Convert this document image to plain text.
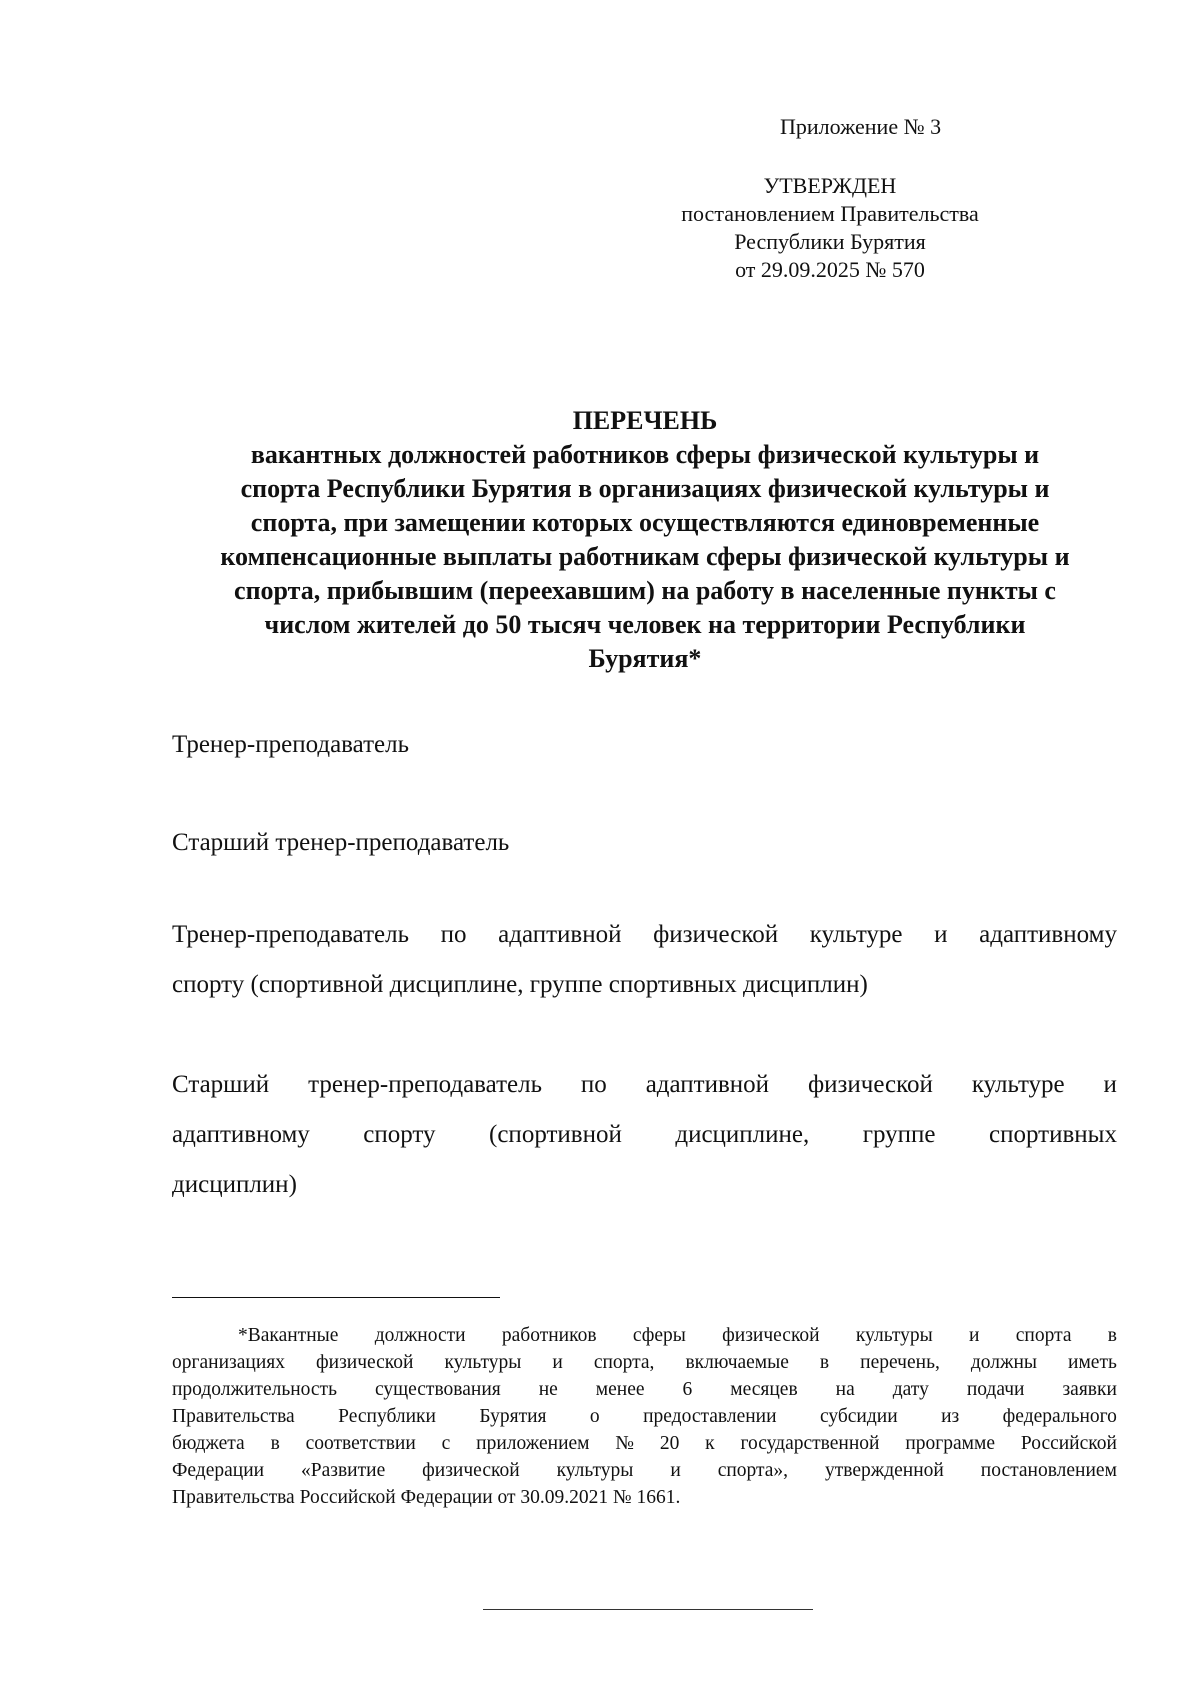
Приложение № 3
УТВЕРЖДЕН
постановлением Правительства
Республики Бурятия
от 29.09.2025 № 570
ПЕРЕЧЕНЬ
вакантных должностей работников сферы физической культуры и
спорта Республики Бурятия в организациях физической культуры и
спорта, при замещении которых осуществляются единовременные
компенсационные выплаты работникам сферы физической культуры и
спорта, прибывшим (переехавшим) на работу в населенные пункты с
числом жителей до 50 тысяч человек на территории Республики
Бурятия*
Тренер-преподаватель
Старший тренер-преподаватель
Тренер-преподаватель по адаптивной физической культуре и адаптивному
спорту (спортивной дисциплине, группе спортивных дисциплин)
Старший тренер-преподаватель по адаптивной физической культуре и
адаптивному спорту (спортивной дисциплине, группе спортивных
дисциплин)
*Вакантные должности работников сферы физической культуры и спорта в
организациях физической культуры и спорта, включаемые в перечень, должны иметь
продолжительность существования не менее 6 месяцев на дату подачи заявки
Правительства Республики Бурятия о предоставлении субсидии из федерального
бюджета в соответствии с приложением № 20 к государственной программе Российской
Федерации «Развитие физической культуры и спорта», утвержденной постановлением
Правительства Российской Федерации от 30.09.2021 № 1661.
